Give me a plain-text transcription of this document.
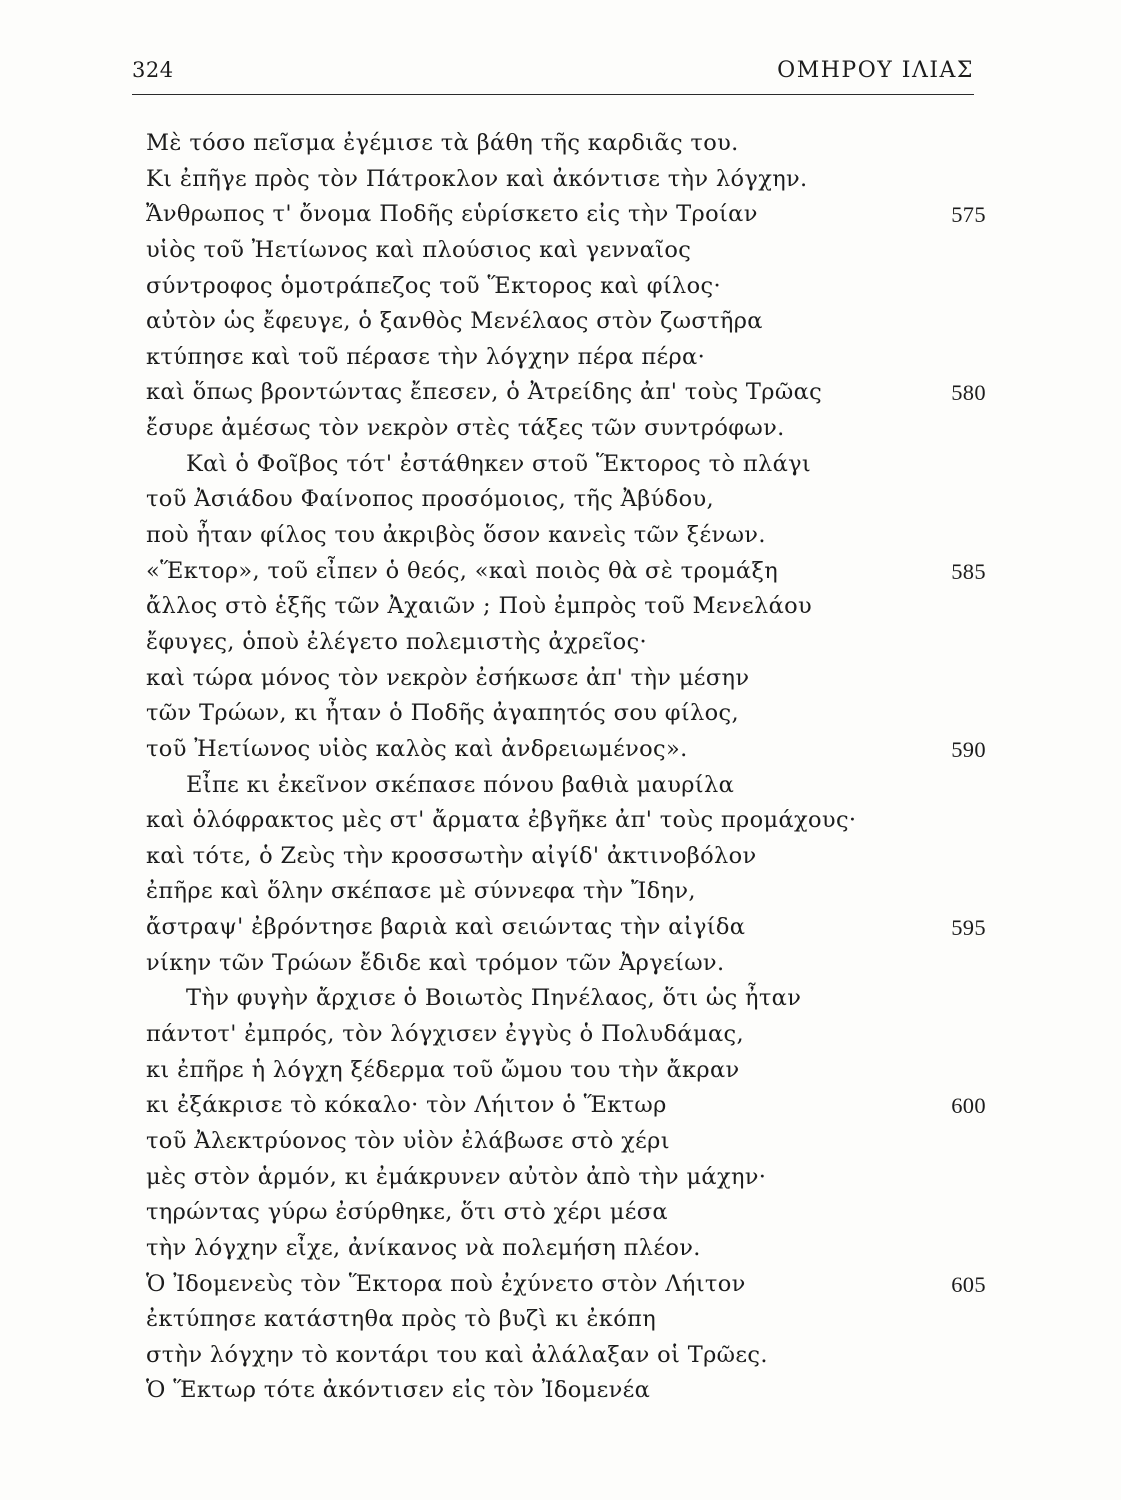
324	ΟΜΗΡΟΥ ΙΛΙΑΣ
Μὲ τόσο πεῖσμα ἐγέμισε τὰ βάθη τῆς καρδιᾶς του.
Κι ἐπῆγε πρὸς τὸν Πάτροκλον καὶ ἀκόντισε τὴν λόγχην.
Ἄνθρωπος τ' ὄνομα Ποδῆς εὑρίσκετο εἰς τὴν Τροίαν	575
υἱὸς τοῦ Ἠετίωνος καὶ πλούσιος καὶ γενναῖος
σύντροφος ὁμοτράπεζος τοῦ Ἕκτορος καὶ φίλος·
αὐτὸν ὡς ἔφευγε, ὁ ξανθὸς Μενέλαος στὸν ζωστῆρα
κτύπησε καὶ τοῦ πέρασε τὴν λόγχην πέρα πέρα·
καὶ ὅπως βροντώντας ἔπεσεν, ὁ Ἀτρείδης ἀπ' τοὺς Τρῶας	580
ἔσυρε ἀμέσως τὸν νεκρὸν στὲς τάξες τῶν συντρόφων.
Καὶ ὁ Φοῖβος τότ' ἐστάθηκεν στοῦ Ἕκτορος τὸ πλάγι
τοῦ Ἀσιάδου Φαίνοπος προσόμοιος, τῆς Ἀβύδου,
ποὺ ἦταν φίλος του ἀκριβὸς ὅσον κανεὶς τῶν ξένων.
«Ἕκτορ», τοῦ εἶπεν ὁ θεός, «καὶ ποιὸς θὰ σὲ τρομάξη	585
ἄλλος στὸ ἑξῆς τῶν Ἀχαιῶν ; Ποὺ ἐμπρὸς τοῦ Μενελάου
ἔφυγες, ὁποὺ ἐλέγετο πολεμιστὴς ἀχρεῖος·
καὶ τώρα μόνος τὸν νεκρὸν ἐσήκωσε ἀπ' τὴν μέσην
τῶν Τρώων, κι ἦταν ὁ Ποδῆς ἀγαπητός σου φίλος,
τοῦ Ἠετίωνος υἱὸς καλὸς καὶ ἀνδρειωμένος».	590
Εἶπε κι ἐκεῖνον σκέπασε πόνου βαθιὰ μαυρίλα
καὶ ὁλόφρακτος μὲς στ' ἄρματα ἐβγῆκε ἀπ' τοὺς προμάχους·
καὶ τότε, ὁ Ζεὺς τὴν κροσσωτὴν αἰγίδ' ἀκτινοβόλον
ἐπῆρε καὶ ὅλην σκέπασε μὲ σύννεφα τὴν Ἴδην,
ἄστραψ' ἐβρόντησε βαριὰ καὶ σειώντας τὴν αἰγίδα	595
νίκην τῶν Τρώων ἔδιδε καὶ τρόμον τῶν Ἀργείων.
Τὴν φυγὴν ἄρχισε ὁ Βοιωτὸς Πηνέλαος, ὅτι ὡς ἦταν
πάντοτ' ἐμπρός, τὸν λόγχισεν ἐγγὺς ὁ Πολυδάμας,
κι ἐπῆρε ἡ λόγχη ξέδερμα τοῦ ὤμου του τὴν ἄκραν
κι ἐξάκρισε τὸ κόκαλο· τὸν Λήιτον ὁ Ἕκτωρ	600
τοῦ Ἀλεκτρύονος τὸν υἱὸν ἐλάβωσε στὸ χέρι
μὲς στὸν ἁρμόν, κι ἐμάκρυνεν αὐτὸν ἀπὸ τὴν μάχην·
τηρώντας γύρω ἐσύρθηκε, ὅτι στὸ χέρι μέσα
τὴν λόγχην εἶχε, ἀνίκανος νὰ πολεμήση πλέον.
Ὁ Ἰδομενεὺς τὸν Ἕκτορα ποὺ ἐχύνετο στὸν Λήιτον	605
ἐκτύπησε κατάστηθα πρὸς τὸ βυζὶ κι ἐκόπη
στὴν λόγχην τὸ κοντάρι του καὶ ἀλάλαξαν οἱ Τρῶες.
Ὁ Ἕκτωρ τότε ἀκόντισεν εἰς τὸν Ἰδομενέα
